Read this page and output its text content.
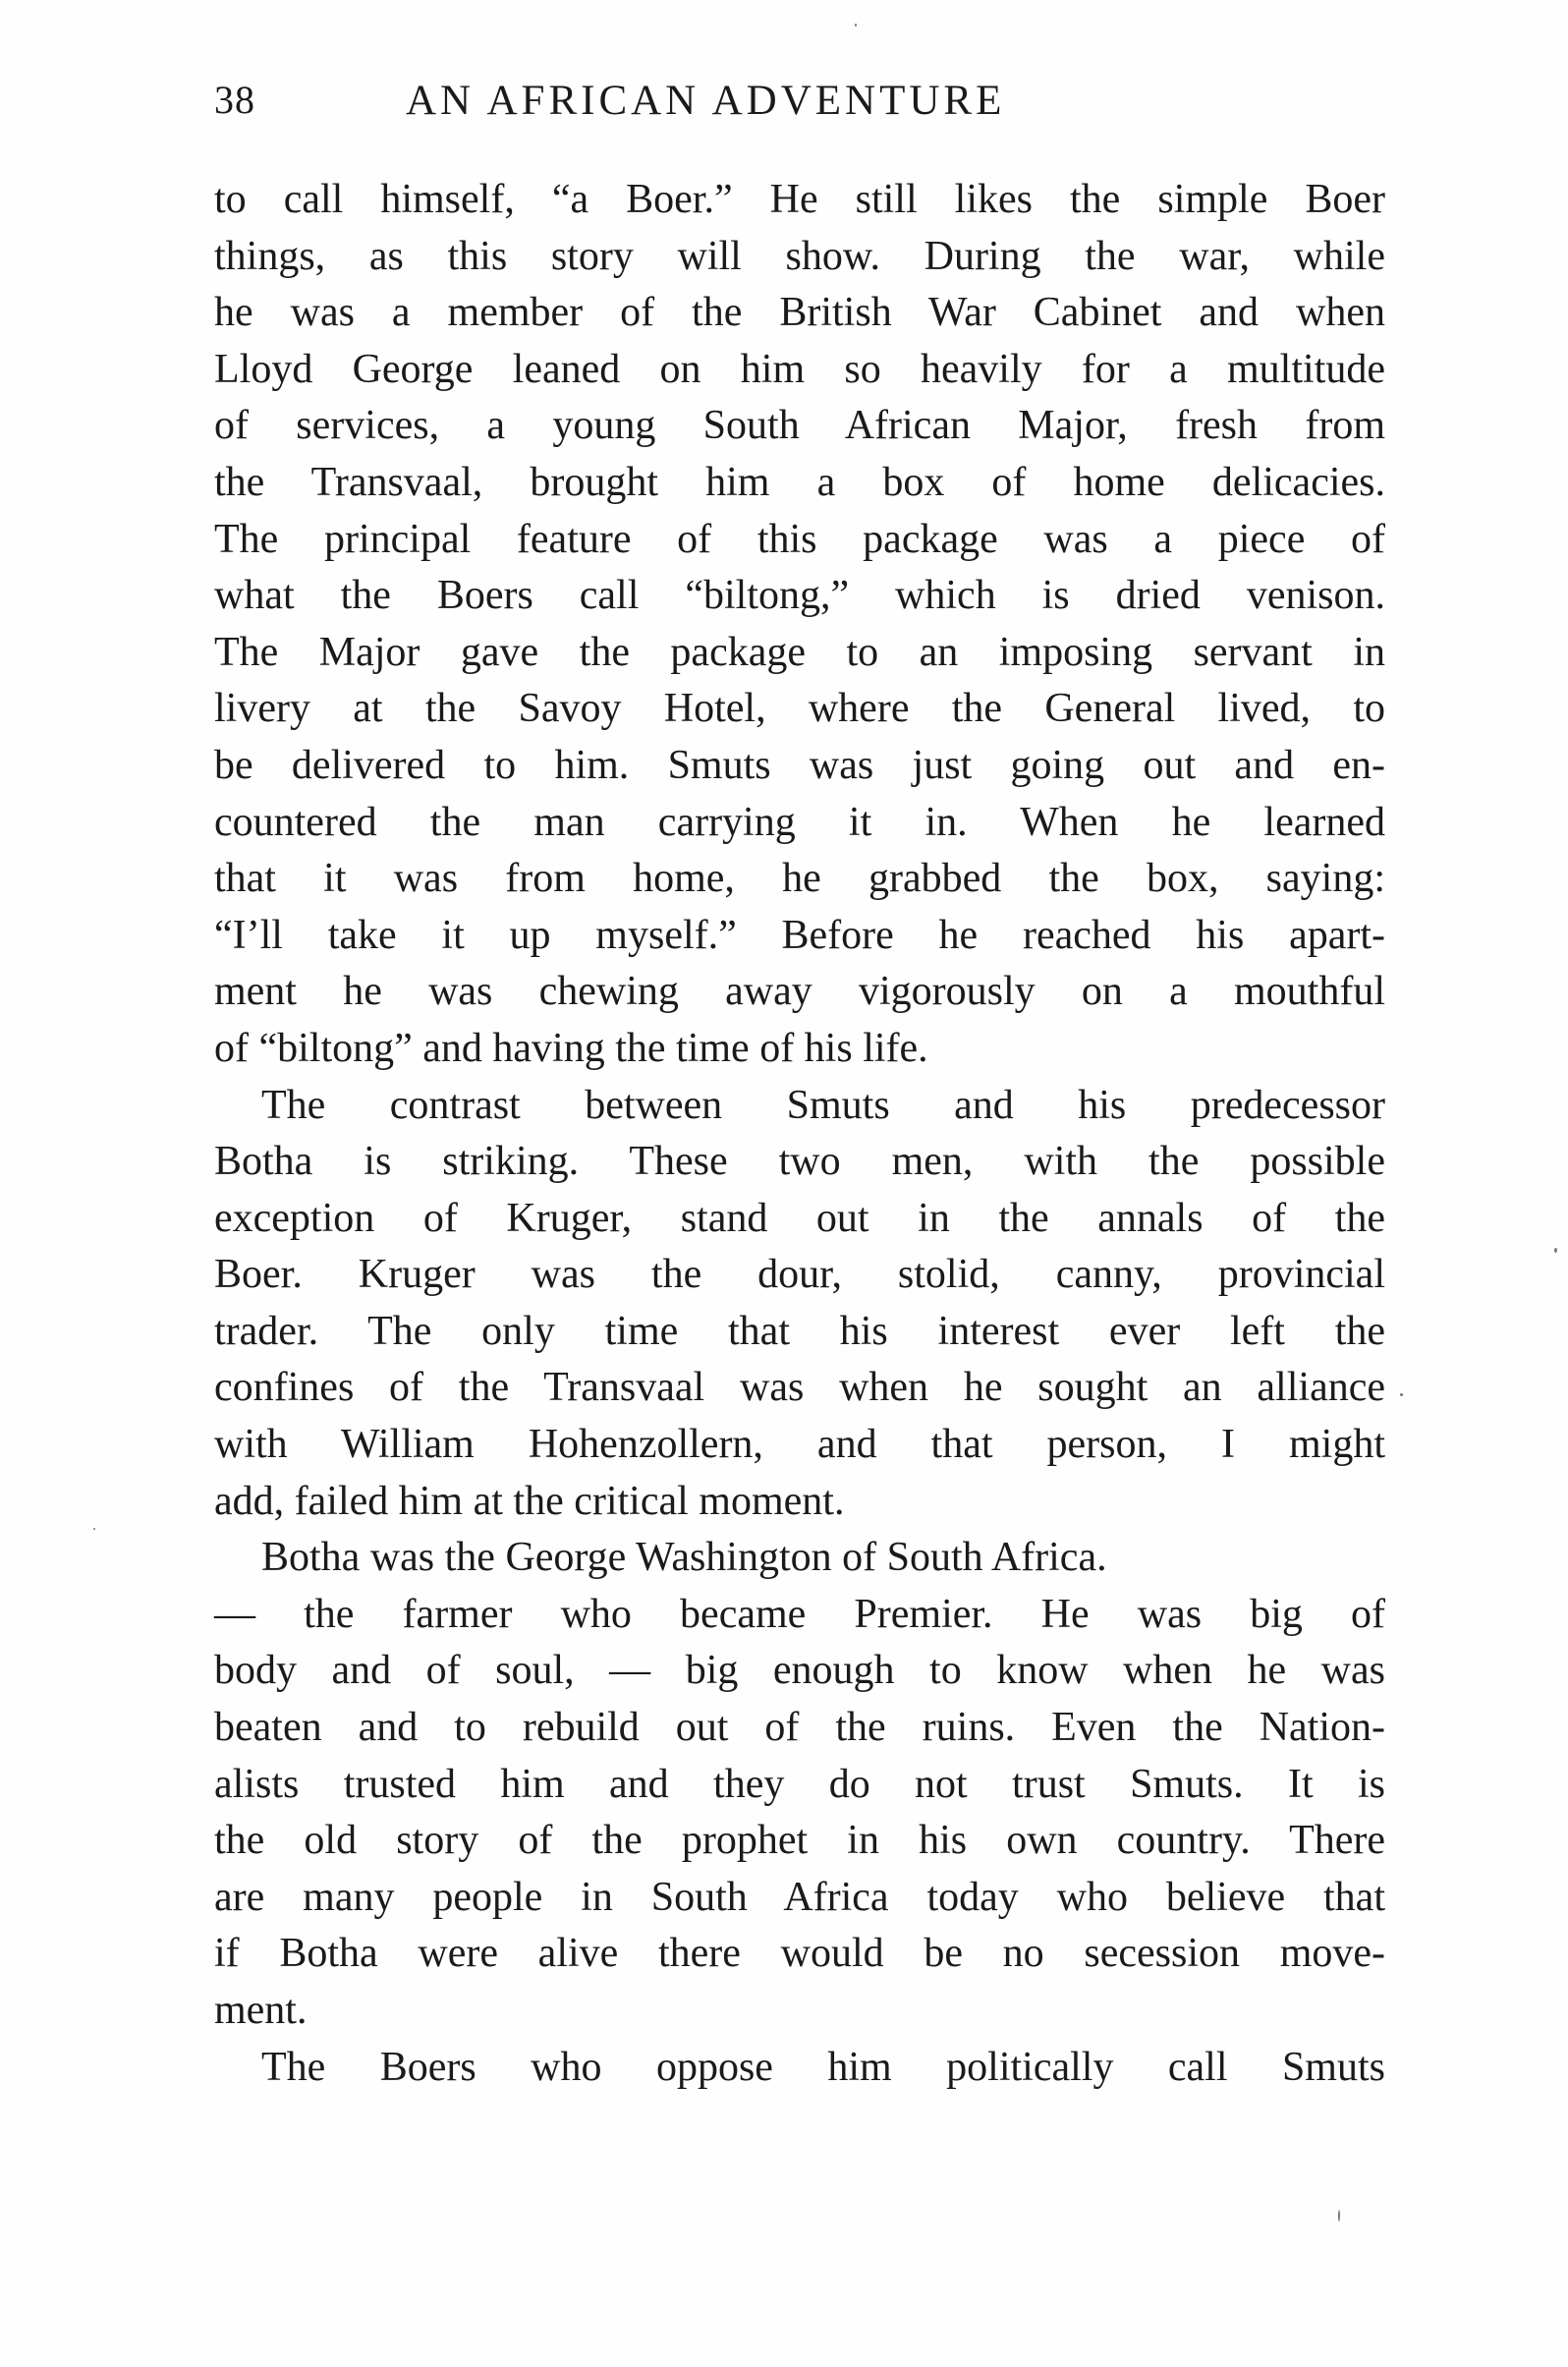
38	AN AFRICAN ADVENTURE
to call himself, “a Boer.” He still likes the simple Boer
things, as this story will show. During the war, while
he was a member of the British War Cabinet and when
Lloyd George leaned on him so heavily for a multitude
of services, a young South African Major, fresh from
the Transvaal, brought him a box of home delicacies.
The principal feature of this package was a piece of
what the Boers call “biltong,” which is dried venison.
The Major gave the package to an imposing servant in
livery at the Savoy Hotel, where the General lived, to
be delivered to him. Smuts was just going out and en-
countered the man carrying it in. When he learned
that it was from home, he grabbed the box, saying:
“I’ll take it up myself.” Before he reached his apart-
ment he was chewing away vigorously on a mouthful
of “biltong” and having the time of his life.
The contrast between Smuts and his predecessor
Botha is striking. These two men, with the possible
exception of Kruger, stand out in the annals of the
Boer. Kruger was the dour, stolid, canny, provincial
trader. The only time that his interest ever left the
confines of the Transvaal was when he sought an alliance
with William Hohenzollern, and that person, I might
add, failed him at the critical moment.
Botha was the George Washington of South Africa.
— the farmer who became Premier. He was big of
body and of soul, — big enough to know when he was
beaten and to rebuild out of the ruins. Even the Nation-
alists trusted him and they do not trust Smuts. It is
the old story of the prophet in his own country. There
are many people in South Africa today who believe that
if Botha were alive there would be no secession move-
ment.
The Boers who oppose him politically call Smuts
